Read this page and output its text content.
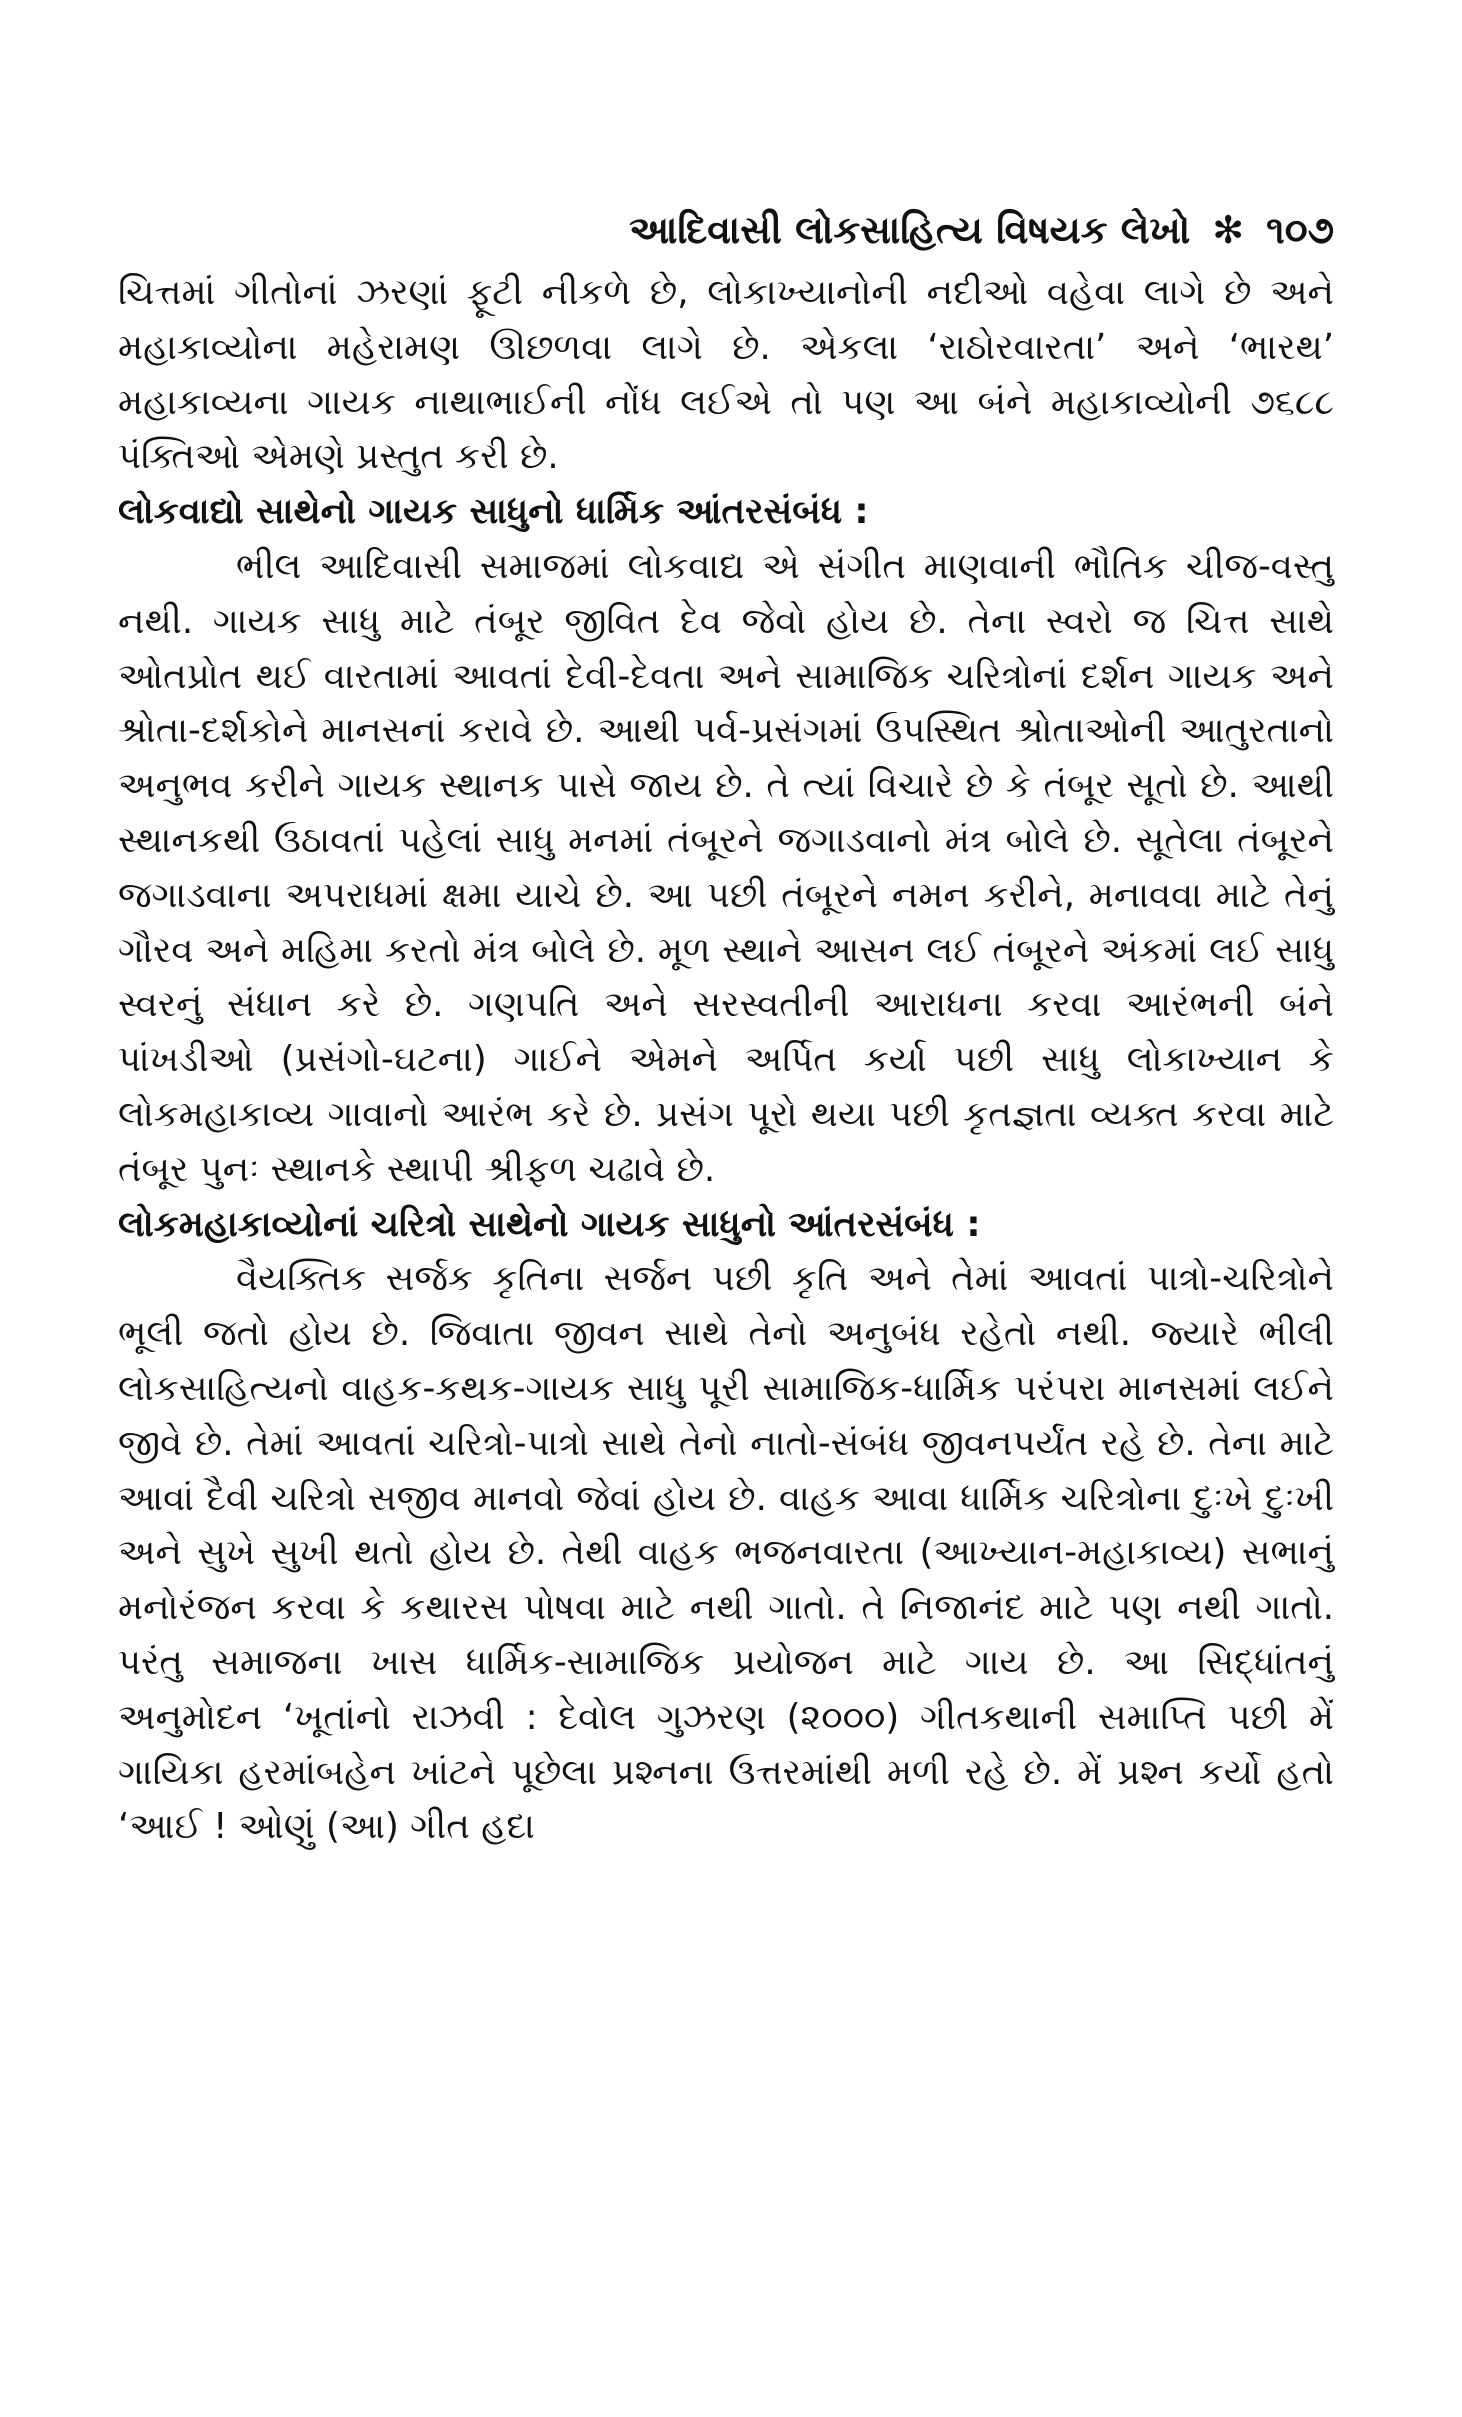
આદિવાસી લોકસાહિત્ય વિષયક લેખો ✻ ૧૦૭

ચિત્તમાં ગીતોનાં ઝરણાં ફૂટી નીકળે છે, લોકાખ્યાનોની નદીઓ વહેવા લાગે છે અને મહાકાવ્યોના મહેરામણ ઊછળવા લાગે છે. એકલા ‘રાઠોરવારતા’ અને ‘ભારથ’ મહાકાવ્યના ગાયક નાથાભાઈની નોંધ લઈએ તો પણ આ બંને મહાકાવ્યોની ૭૬૮૮ પંક્તિઓ એમણે પ્રસ્તુત કરી છે.

લોકવાદ્યો સાથેનો ગાયક સાધુનો ધાર્મિક આંતરસંબંધ :

ભીલ આદિવાસી સમાજમાં લોકવાદ્ય એ સંગીત માણવાની ભૌતિક ચીજ-વસ્તુ નથી. ગાયક સાધુ માટે તંબૂર જીવિત દેવ જેવો હોય છે. તેના સ્વરો જ ચિત્ત સાથે ઓતપ્રોત થઈ વારતામાં આવતાં દેવી-દેવતા અને સામાજિક ચરિત્રોનાં દર્શન ગાયક અને શ્રોતા-દર્શકોને માનસનાં કરાવે છે. આથી પર્વ-પ્રસંગમાં ઉપસ્થિત શ્રોતાઓની આતુરતાનો અનુભવ કરીને ગાયક સ્થાનક પાસે જાય છે. તે ત્યાં વિચારે છે કે તંબૂર સૂતો છે. આથી સ્થાનકથી ઉઠાવતાં પહેલાં સાધુ મનમાં તંબૂરને જગાડવાનો મંત્ર બોલે છે. સૂતેલા તંબૂરને જગાડવાના અપરાધમાં ક્ષમા યાચે છે. આ પછી તંબૂરને નમન કરીને, મનાવવા માટે તેનું ગૌરવ અને મહિમા કરતો મંત્ર બોલે છે. મૂળ સ્થાને આસન લઈ તંબૂરને અંકમાં લઈ સાધુ સ્વરનું સંધાન કરે છે. ગણપતિ અને સરસ્વતીની આરાધના કરવા આરંભની બંને પાંખડીઓ (પ્રસંગો-ઘટના) ગાઈને એમને અર્પિત કર્યા પછી સાધુ લોકાખ્યાન કે લોકમહાકાવ્ય ગાવાનો આરંભ કરે છે. પ્રસંગ પૂરો થયા પછી કૃતજ્ઞતા વ્યક્ત કરવા માટે તંબૂર પુનઃ સ્થાનકે સ્થાપી શ્રીફળ ચઢાવે છે.

લોકમહાકાવ્યોનાં ચરિત્રો સાથેનો ગાયક સાધુનો આંતરસંબંધ :

વૈયક્તિક સર્જક કૃતિના સર્જન પછી કૃતિ અને તેમાં આવતાં પાત્રો-ચરિત્રોને ભૂલી જતો હોય છે. જિવાતા જીવન સાથે તેનો અનુબંધ રહેતો નથી. જ્યારે ભીલી લોકસાહિત્યનો વાહક-કથક-ગાયક સાધુ પૂરી સામાજિક-ધાર્મિક પરંપરા માનસમાં લઈને જીવે છે. તેમાં આવતાં ચરિત્રો-પાત્રો સાથે તેનો નાતો-સંબંધ જીવનપર્યંત રહે છે. તેના માટે આવાં દૈવી ચરિત્રો સજીવ માનવો જેવાં હોય છે. વાહક આવા ધાર્મિક ચરિત્રોના દુઃખે દુઃખી અને સુખે સુખી થતો હોય છે. તેથી વાહક ભજનવારતા (આખ્યાન-મહાકાવ્ય) સભાનું મનોરંજન કરવા કે કથારસ પોષવા માટે નથી ગાતો. તે નિજાનંદ માટે પણ નથી ગાતો. પરંતુ સમાજના ખાસ ધાર્મિક-સામાજિક પ્રયોજન માટે ગાય છે. આ સિદ્ધાંતનું અનુમોદન ‘ખૂતાંનો રાઝવી : દેવોલ ગુઝરણ (૨૦૦૦) ગીતકથાની સમાપ્તિ પછી મેં ગાયિકા હરમાંબહેન ખાંટને પૂછેલા પ્રશ્નના ઉત્તરમાંથી મળી રહે છે. મેં પ્રશ્ન કર્યો હતો ‘આઈ ! ઓણું (આ) ગીત હદા
